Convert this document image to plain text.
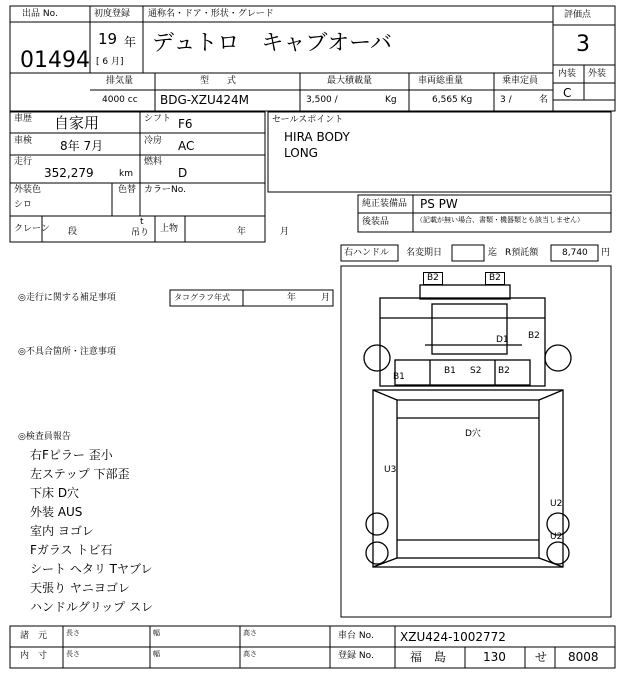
出品 No.
01494
初度登録
19 年
[ 6 月]
通称名・ドア・形状・グレード
デュトロ　キャブオーバ
評価点
3
内装 外装
C
排気量	型　　式	最大積載量	車両総重量	乗車定員
4000 cc BDG-XZU424M	3,500 /	Kg	6,565 Kg	3 /	名
車歴 自家用	シフト F6
車検 8年 7月	冷房 AC
走行
352,279	km
燃料
D
外装色
シロ
色替 カラーNo.
クレーン 段
t
吊り 上物	年	月
セールスポイント
HIRA BODY
LONG
純正装備品 PS PW
後装品	（記載が無い場合、書類・機器類とも該当しません）
右ハンドル 名変期日	迄 R預託額	8,740 円
◎走行に関する補足事項	タコグラフ年式	年	月
◎不具合箇所・注意事項
◎検査員報告
右Fピラー 歪小
左ステップ 下部歪
下床 D穴
外装 AUS
室内 ヨゴレ
Fガラス トビ石
シート ヘタリ Tヤブレ
天張り ヤニヨゴレ
ハンドルグリップ スレ
B2	B2
D1 B2
B1
B1 S2 B2
D穴
U3
U2
U2
諸　元
内　寸
長さ	幅	高さ
長さ	幅	高さ
車台 No. XZU424-1002772
登録 No.	福　島	130 せ 8008
